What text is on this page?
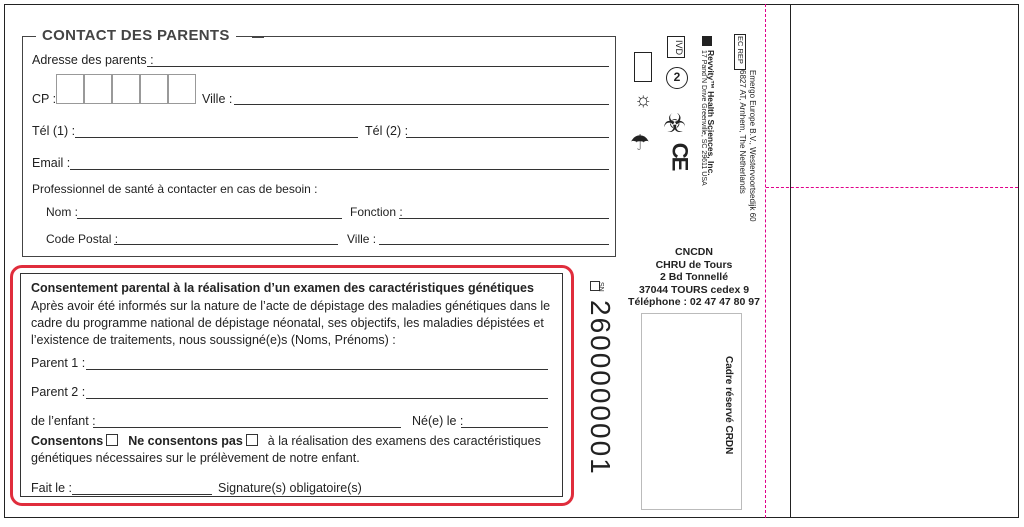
CONTACT DES PARENTS
Adresse des parents :
CP :	Ville :
Tél (1) :	Tél (2) :
Email :
Professionnel de santé à contacter en cas de besoin :
Nom :	Fonction :
Code Postal :	Ville :
Consentement parental à la réalisation d’un examen des caractéristiques génétiques
Après avoir été informés sur la nature de l’acte de dépistage des maladies génétiques dans le
cadre du programme national de dépistage néonatal, ses objectifs, les maladies dépistées et
l’existence de traitements, nous soussigné(e)s (Noms, Prénoms) :
Parent 1 :
Parent 2 :
de l’enfant :	Né(e) le :
Consentons Ne consentons pas à la réalisation des examens des caractéristiques
génétiques nécessaires sur le prélèvement de notre enfant.
Fait le :	Signature(s) obligatoire(s)
SN
2600000001
☼
☂
2
☣
CE
IVD
Revvity™ Health Sciences, Inc.
17 Pand N Drive Greenville, SC 29611 USA
EC REP
Emergo Europe B.V., Westervoortsedijk 60
6827 AT, Arnhem, The Netherlands
CNCDN
CHRU de Tours
2 Bd Tonnellé
37044 TOURS cedex 9
Téléphone : 02 47 47 80 97
Cadre réservé CRDN
